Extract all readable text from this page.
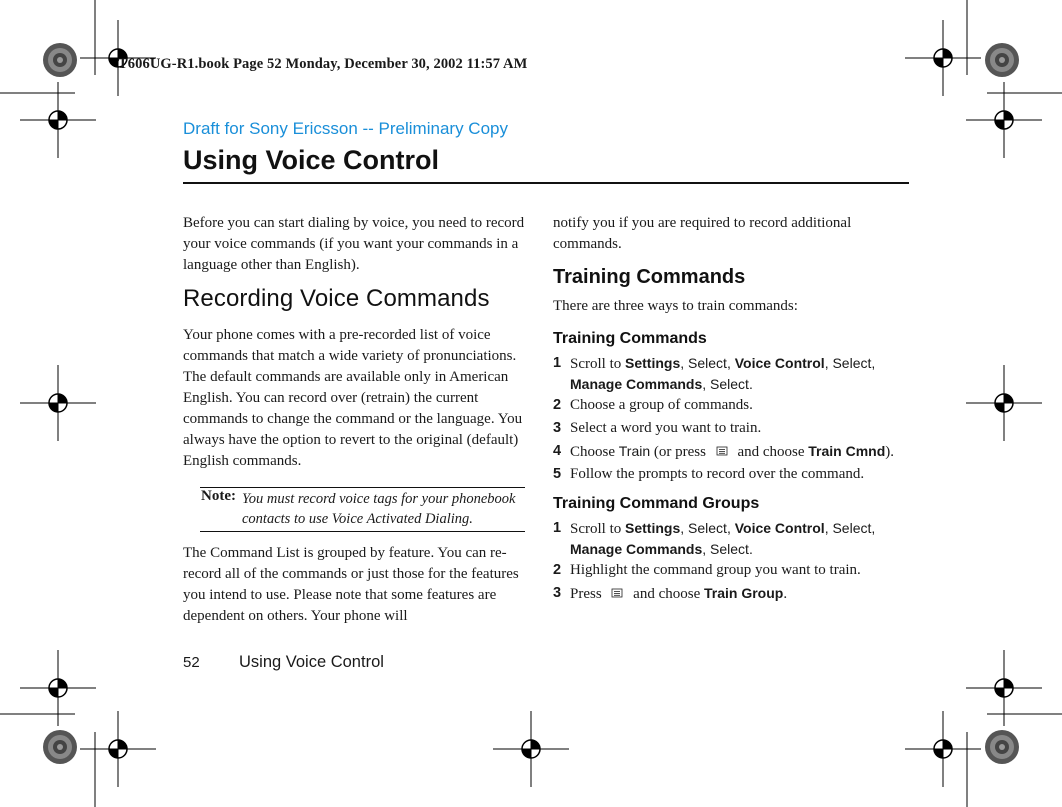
T606UG-R1.book Page 52 Monday, December 30, 2002 11:57 AM
Draft for Sony Ericsson -- Preliminary Copy
Using Voice Control

Before you can start dialing by voice, you need to record your voice commands (if you want your commands in a language other than English).

Recording Voice Commands

Your phone comes with a pre-recorded list of voice commands that match a wide variety of pronunciations. The default commands are available only in American English. You can record over (retrain) the current commands to change the command or the language. You always have the option to revert to the original (default) English commands.

Note: You must record voice tags for your phonebook contacts to use Voice Activated Dialing.

The Command List is grouped by feature. You can re-record all of the commands or just those for the features you intend to use. Please note that some features are dependent on others. Your phone will

notify you if you are required to record additional commands.

Training Commands

There are three ways to train commands:

Training Commands
1 Scroll to Settings, Select, Voice Control, Select,
Manage Commands, Select.
2 Choose a group of commands.
3 Select a word you want to train.
4 Choose Train (or press  and choose Train Cmnd).
5 Follow the prompts to record over the command.
Training Command Groups
1 Scroll to Settings, Select, Voice Control, Select,
Manage Commands, Select.
2 Highlight the command group you want to train.
3 Press  and choose Train Group.
52 Using Voice Control
